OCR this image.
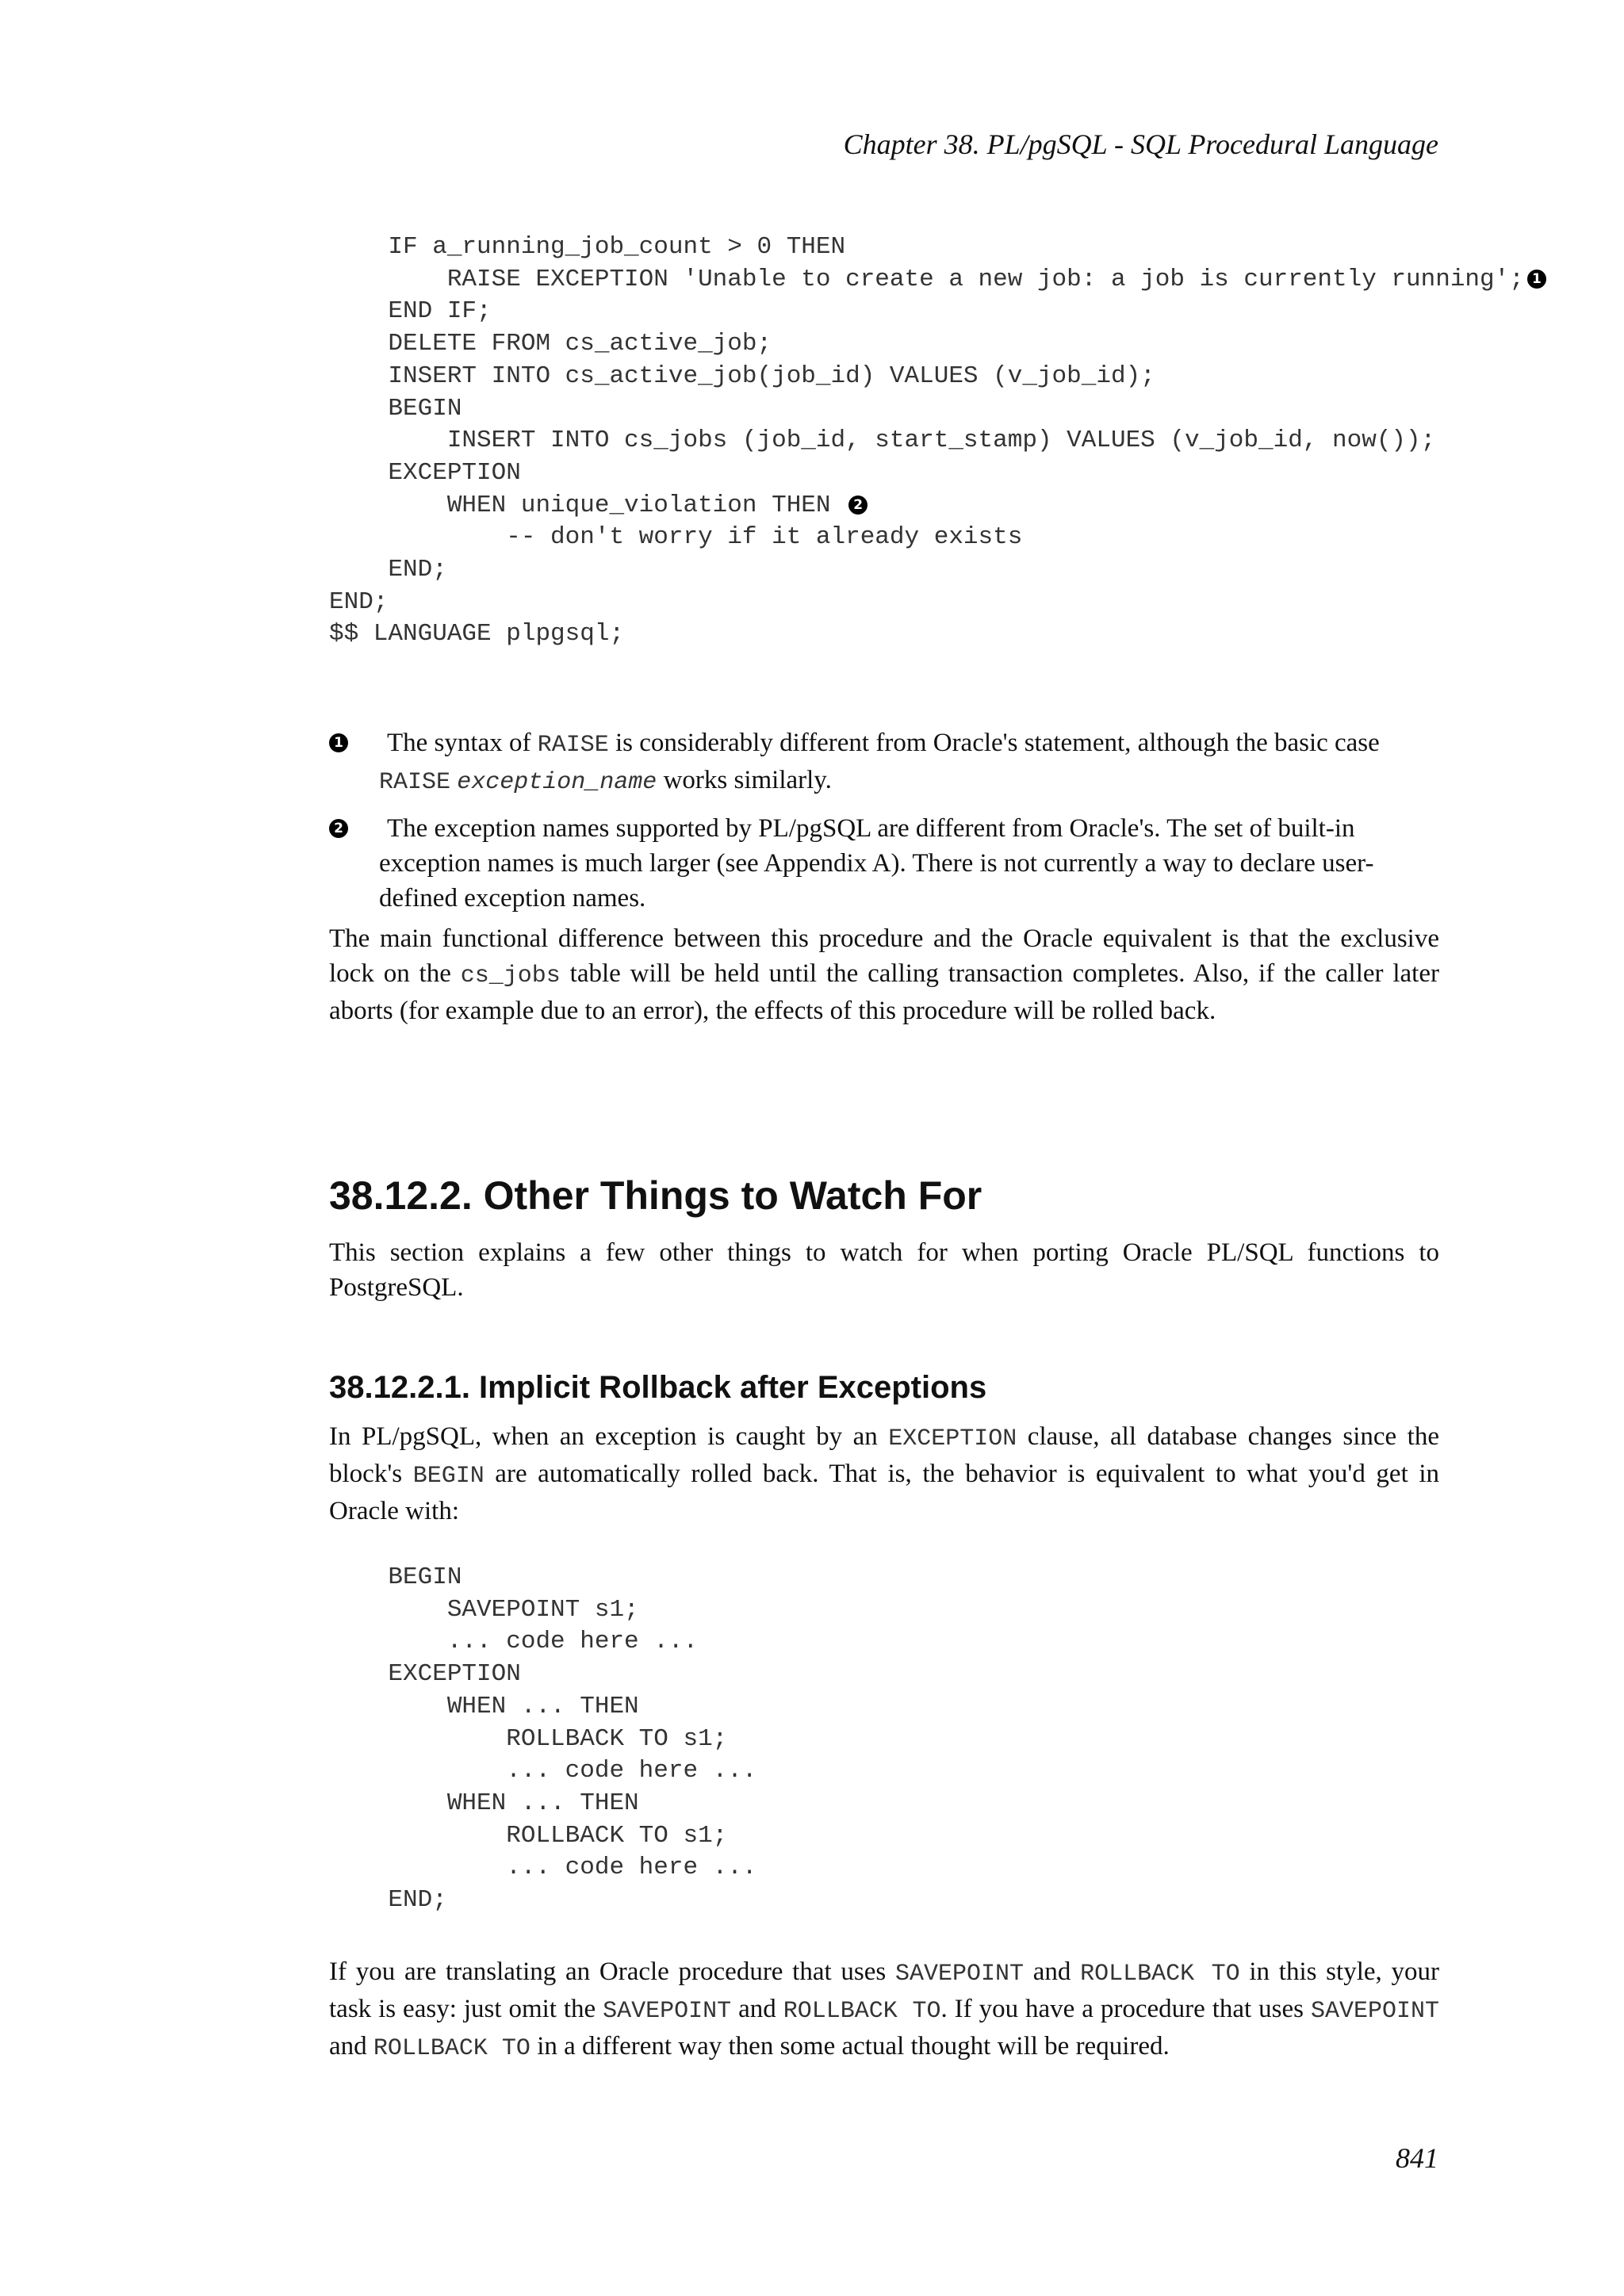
Chapter 38. PL/pgSQL - SQL Procedural Language
IF a_running_job_count > 0 THEN
RAISE EXCEPTION 'Unable to create a new job: a job is currently running'; 1
END IF;
DELETE FROM cs_active_job;
INSERT INTO cs_active_job(job_id) VALUES (v_job_id);
BEGIN
INSERT INTO cs_jobs (job_id, start_stamp) VALUES (v_job_id, now());
EXCEPTION
WHEN unique_violation THEN 2
-- don't worry if it already exists
END;
END;
$$ LANGUAGE plpgsql;
1	The syntax of RAISE is considerably different from Oracle's statement, although the basic case RAISE exception_name works similarly.
2	The exception names supported by PL/pgSQL are different from Oracle's. The set of built-in exception names is much larger (see Appendix A). There is not currently a way to declare user-defined exception names.

The main functional difference between this procedure and the Oracle equivalent is that the exclusive lock on the cs_jobs table will be held until the calling transaction completes. Also, if the caller later aborts (for example due to an error), the effects of this procedure will be rolled back.

38.12.2. Other Things to Watch For

This section explains a few other things to watch for when porting Oracle PL/SQL functions to PostgreSQL.

38.12.2.1. Implicit Rollback after Exceptions

In PL/pgSQL, when an exception is caught by an EXCEPTION clause, all database changes since the block's BEGIN are automatically rolled back. That is, the behavior is equivalent to what you'd get in Oracle with:

BEGIN
SAVEPOINT s1;
... code here ...
EXCEPTION
WHEN ... THEN
ROLLBACK TO s1;
... code here ...
WHEN ... THEN
ROLLBACK TO s1;
... code here ...
END;

If you are translating an Oracle procedure that uses SAVEPOINT and ROLLBACK TO in this style, your task is easy: just omit the SAVEPOINT and ROLLBACK TO. If you have a procedure that uses SAVEPOINT and ROLLBACK TO in a different way then some actual thought will be required.

841
